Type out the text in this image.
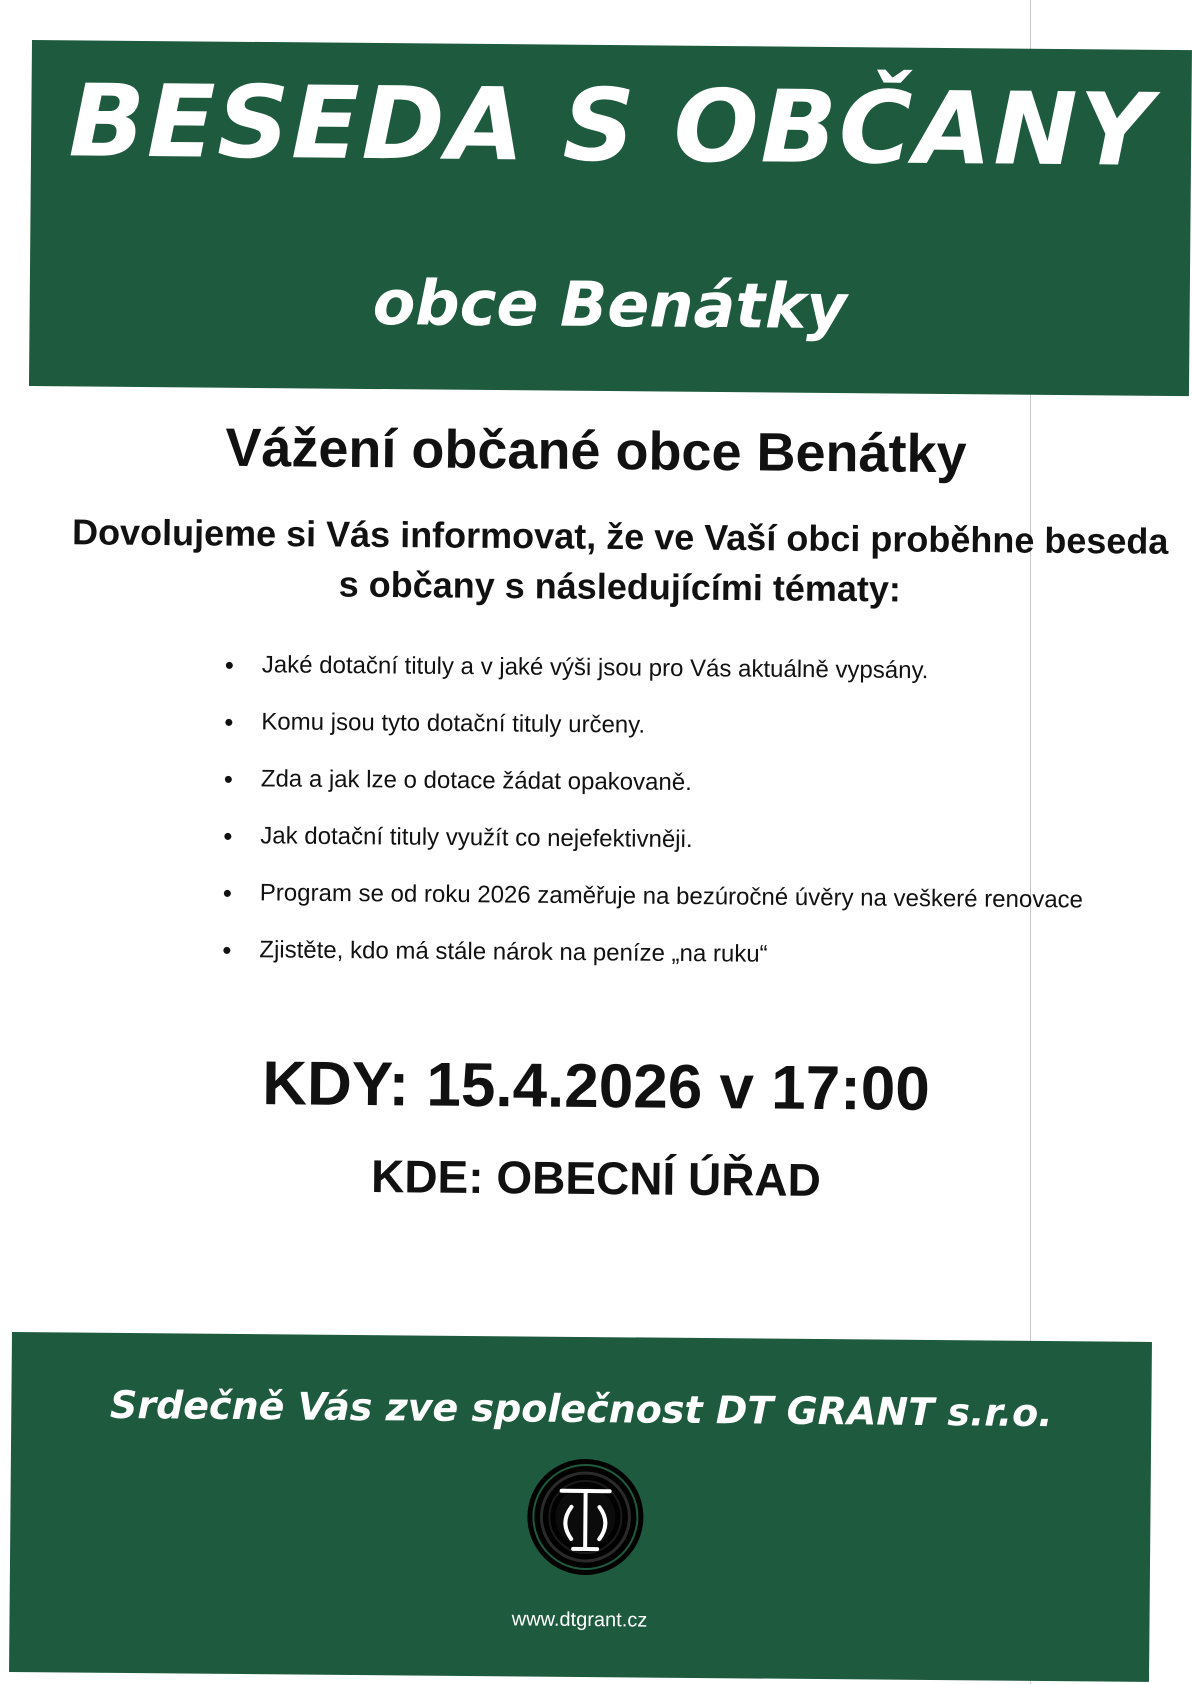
BESEDA S OBČANY
obce Benátky
Vážení občané obce Benátky

Dovolujeme si Vás informovat, že ve Vaší obci proběhne beseda s občany s následujícími tématy:

• Jaké dotační tituly a v jaké výši jsou pro Vás aktuálně vypsány.
• Komu jsou tyto dotační tituly určeny.
• Zda a jak lze o dotace žádat opakovaně.
• Jak dotační tituly využít co nejefektivněji.
• Program se od roku 2026 zaměřuje na bezúročné úvěry na veškeré renovace
• Zjistěte, kdo má stále nárok na peníze „na ruku“

KDY: 15.4.2026 v 17:00

KDE: OBECNÍ ÚŘAD

Srdečně Vás zve společnost DT GRANT s.r.o.

www.dtgrant.cz
